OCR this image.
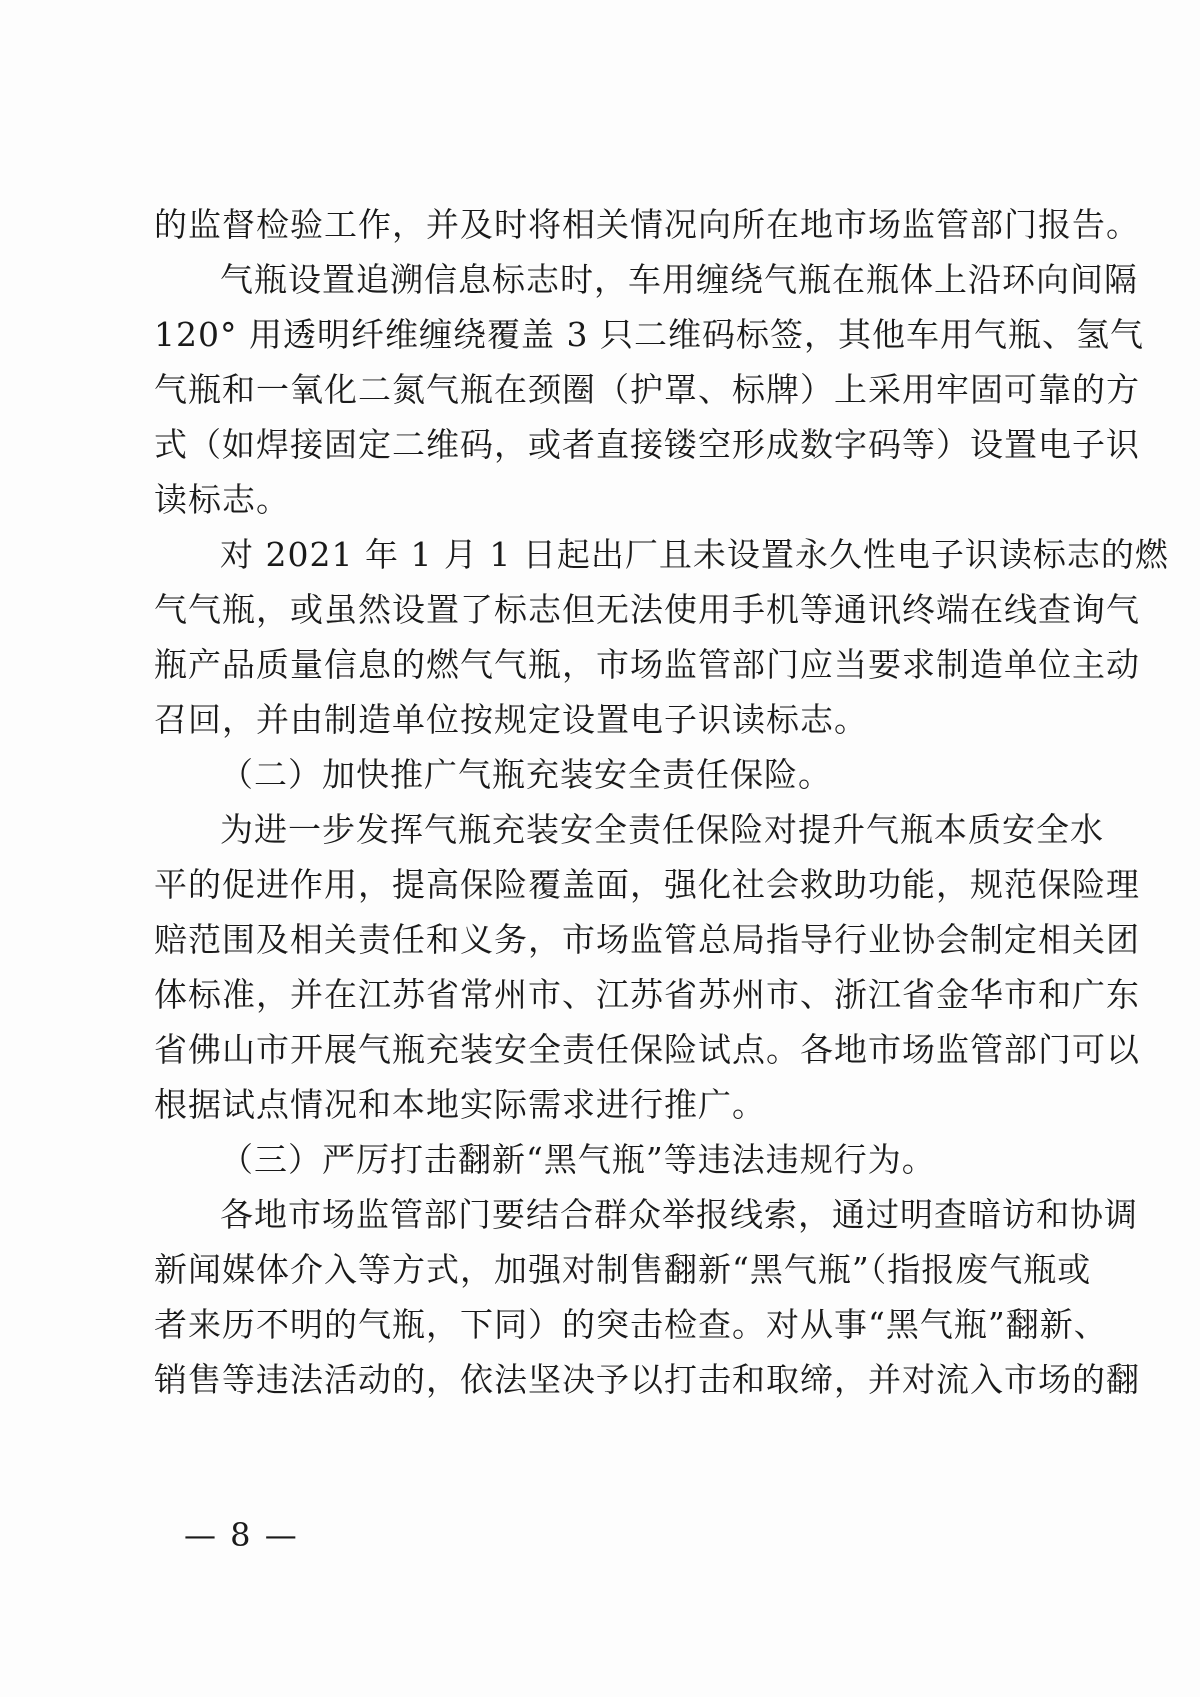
的监督检验工作，并及时将相关情况向所在地市场监管部门报告。
气瓶设置追溯信息标志时，车用缠绕气瓶在瓶体上沿环向间隔
120° 用透明纤维缠绕覆盖 3 只二维码标签，其他车用气瓶、氢气
气瓶和一氧化二氮气瓶在颈圈（护罩、标牌）上采用牢固可靠的方
式（如焊接固定二维码，或者直接镂空形成数字码等）设置电子识
读标志。
对 2021 年 1 月 1 日起出厂且未设置永久性电子识读标志的燃
气气瓶，或虽然设置了标志但无法使用手机等通讯终端在线查询气
瓶产品质量信息的燃气气瓶，市场监管部门应当要求制造单位主动
召回，并由制造单位按规定设置电子识读标志。
（二）加快推广气瓶充装安全责任保险。
为进一步发挥气瓶充装安全责任保险对提升气瓶本质安全水
平的促进作用，提高保险覆盖面，强化社会救助功能，规范保险理
赔范围及相关责任和义务，市场监管总局指导行业协会制定相关团
体标准，并在江苏省常州市、江苏省苏州市、浙江省金华市和广东
省佛山市开展气瓶充装安全责任保险试点。各地市场监管部门可以
根据试点情况和本地实际需求进行推广。
（三）严厉打击翻新“黑气瓶”等违法违规行为。
各地市场监管部门要结合群众举报线索，通过明查暗访和协调
新闻媒体介入等方式，加强对制售翻新“黑气瓶”（指报废气瓶或
者来历不明的气瓶，下同）的突击检查。对从事“黑气瓶”翻新、
销售等违法活动的，依法坚决予以打击和取缔，并对流入市场的翻
— 8 —
